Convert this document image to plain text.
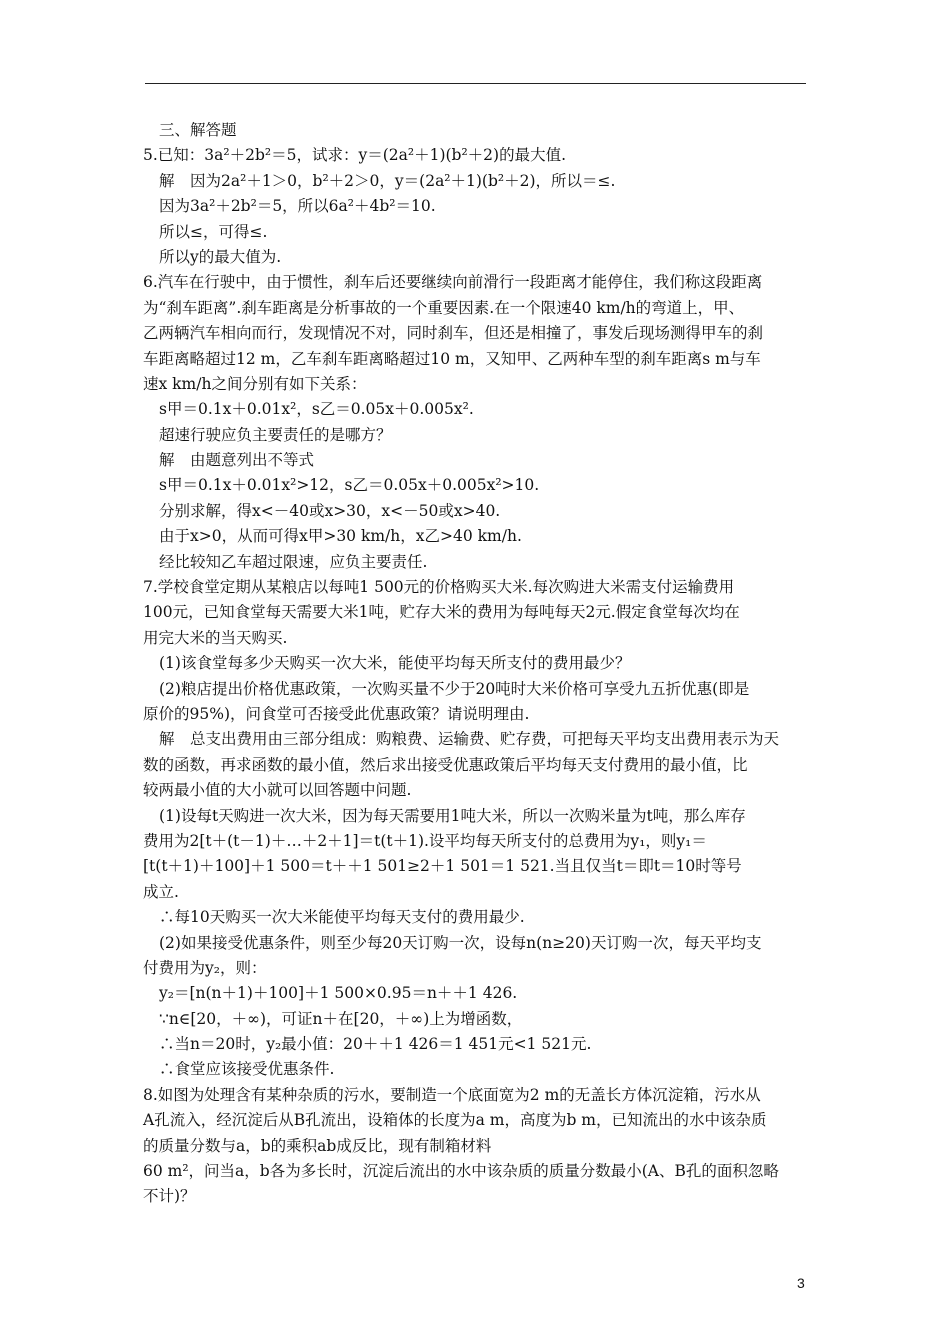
三、解答题
5.已知：3a²＋2b²＝5，试求：y＝(2a²＋1)(b²＋2)的最大值.
解　因为2a²＋1＞0，b²＋2＞0，y＝(2a²＋1)(b²＋2)，所以＝≤.
因为3a²＋2b²＝5，所以6a²＋4b²＝10.
所以≤，可得≤.
所以y的最大值为.
6.汽车在行驶中，由于惯性，刹车后还要继续向前滑行一段距离才能停住，我们称这段距离
为“刹车距离”.刹车距离是分析事故的一个重要因素.在一个限速40 km/h的弯道上，甲、
乙两辆汽车相向而行，发现情况不对，同时刹车，但还是相撞了，事发后现场测得甲车的刹
车距离略超过12 m，乙车刹车距离略超过10 m，又知甲、乙两种车型的刹车距离s m与车
速x km/h之间分别有如下关系：
s甲＝0.1x＋0.01x²，s乙＝0.05x＋0.005x².
超速行驶应负主要责任的是哪方？
解　由题意列出不等式
s甲＝0.1x＋0.01x²>12，s乙＝0.05x＋0.005x²>10.
分别求解，得x<－40或x>30，x<－50或x>40.
由于x>0，从而可得x甲>30 km/h，x乙>40 km/h.
经比较知乙车超过限速，应负主要责任.
7.学校食堂定期从某粮店以每吨1 500元的价格购买大米.每次购进大米需支付运输费用
100元，已知食堂每天需要大米1吨，贮存大米的费用为每吨每天2元.假定食堂每次均在
用完大米的当天购买.
(1)该食堂每多少天购买一次大米，能使平均每天所支付的费用最少？
(2)粮店提出价格优惠政策，一次购买量不少于20吨时大米价格可享受九五折优惠(即是
原价的95%)，问食堂可否接受此优惠政策？请说明理由.
解　总支出费用由三部分组成：购粮费、运输费、贮存费，可把每天平均支出费用表示为天
数的函数，再求函数的最小值，然后求出接受优惠政策后平均每天支付费用的最小值，比
较两最小值的大小就可以回答题中问题.
(1)设每t天购进一次大米，因为每天需要用1吨大米，所以一次购米量为t吨，那么库存
费用为2[t＋(t－1)＋…＋2＋1]＝t(t＋1).设平均每天所支付的总费用为y₁，则y₁＝
[t(t＋1)＋100]＋1 500＝t＋＋1 501≥2＋1 501＝1 521.当且仅当t＝即t＝10时等号
成立.
∴每10天购买一次大米能使平均每天支付的费用最少.
(2)如果接受优惠条件，则至少每20天订购一次，设每n(n≥20)天订购一次，每天平均支
付费用为y₂，则：
y₂＝[n(n＋1)＋100]＋1 500×0.95＝n＋＋1 426.
∵n∈[20，＋∞)，可证n＋在[20，＋∞)上为增函数，
∴当n＝20时，y₂最小值：20＋＋1 426＝1 451元<1 521元.
∴食堂应该接受优惠条件.
8.如图为处理含有某种杂质的污水，要制造一个底面宽为2 m的无盖长方体沉淀箱，污水从
A孔流入，经沉淀后从B孔流出，设箱体的长度为a m，高度为b m，已知流出的水中该杂质
的质量分数与a，b的乘积ab成反比，现有制箱材料
60 m²，问当a，b各为多长时，沉淀后流出的水中该杂质的质量分数最小(A、B孔的面积忽略
不计)？
3
